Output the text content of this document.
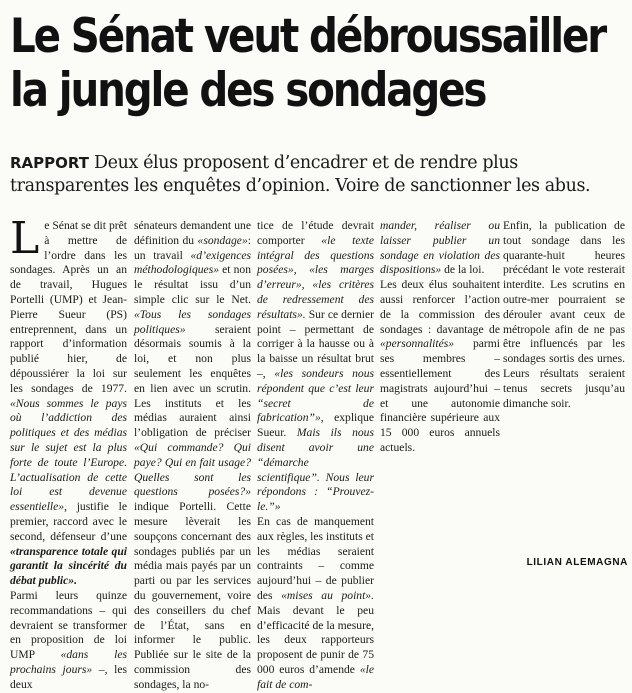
Le Sénat veut débroussailler
la jungle des sondages

RAPPORT Deux élus proposent d’encadrer et de rendre plus transparentes les enquêtes d’opinion. Voire de sanctionner les abus.

Le Sénat se dit prêt à mettre de l’ordre dans les sondages. Après un an de travail, Hugues Portelli (UMP) et Jean-Pierre Sueur (PS) entreprennent, dans un rapport d’information publié hier, de dépoussiérer la loi sur les sondages de 1977. «Nous sommes le pays où l’addiction des politiques et des médias sur le sujet est la plus forte de toute l’Europe. L’actualisation de cette loi est devenue essentielle», justifie le premier, raccord avec le second, défenseur d’une «transparence totale qui garantit la sincérité du débat public».

Parmi leurs quinze recommandations – qui devraient se transformer en proposition de loi UMP «dans les prochains jours» –, les deux

sénateurs demandent une définition du «sondage»: un travail «d’exigences méthodologiques» et non le résultat issu d’un simple clic sur le Net. «Tous les sondages politiques»	seraient désormais soumis à la loi, et non plus seulement les enquêtes en lien avec un scrutin. Les instituts et les médias auraient ainsi l’obligation de préciser «Qui commande? Qui paye? Qui en fait usage? Quelles sont les questions posées?» indique Portelli. Cette mesure lèverait les soupçons concernant des sondages publiés par un média mais payés par un parti ou par les services du gouvernement, voire des conseillers du chef de l’État, sans en informer le public. Publiée sur le site de la commission des sondages, la no-

tice de l’étude devrait comporter «le texte intégral des questions posées», «les marges d’erreur», «les critères de redressement des résultats». Sur ce dernier point – permettant de corriger à la hausse ou à la baisse un résultat brut –, «les sondeurs nous répondent que c’est leur “secret de fabrication”», explique Sueur. Mais ils nous disent avoir une “démarche scientifique”. Nous leur répondons : “Prouvez-le.”»

En cas de manquement aux règles, les instituts et les médias seraient contraints – comme aujourd’hui – de publier des «mises au point». Mais devant le peu d’efficacité de la mesure, les deux rapporteurs proposent de punir de 75 000 euros d’amende «le fait de com-

mander, réaliser ou laisser publier un sondage en violation des dispositions» de la loi.

Les deux élus souhaitent aussi renforcer l’action de la commission des sondages : davantage de «personnalités» parmi ses membres – essentiellement des magistrats aujourd’hui – et une autonomie financière supérieure aux 15 000 euros annuels actuels.

Enfin, la publication de tout sondage dans les quarante-huit heures précédant le vote resterait interdite. Les scrutins en outre-mer pourraient se dérouler avant ceux de métropole afin de ne pas être influencés par les sondages sortis des urnes. Leurs résultats seraient tenus secrets jusqu’au dimanche soir.

LILIAN ALEMAGNA
